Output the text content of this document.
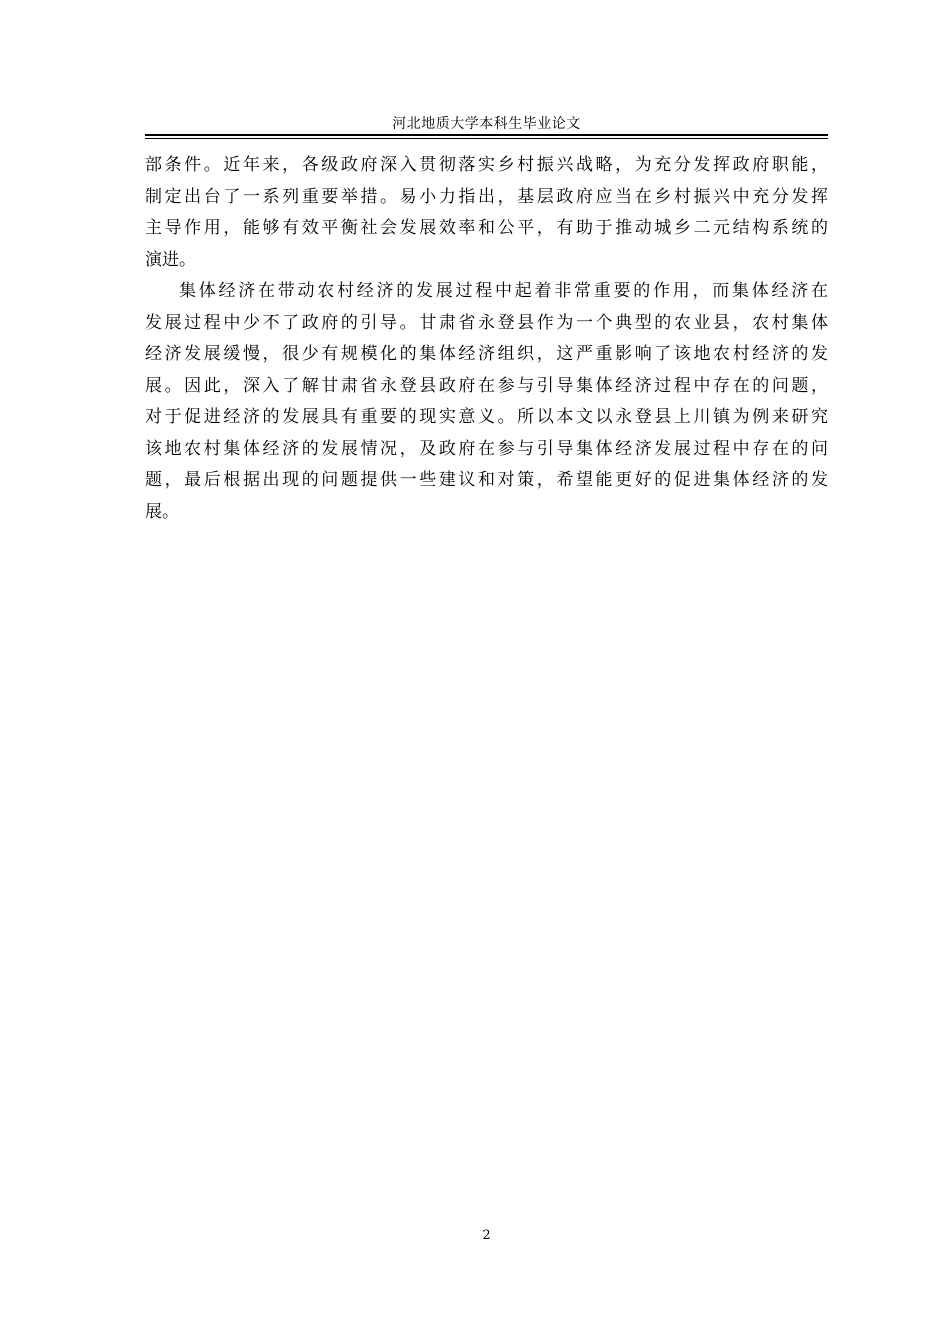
河北地质大学本科生毕业论文
部条件。近年来，各级政府深入贯彻落实乡村振兴战略，为充分发挥政府职能，
制定出台了一系列重要举措。易小力指出，基层政府应当在乡村振兴中充分发挥
主导作用，能够有效平衡社会发展效率和公平，有助于推动城乡二元结构系统的
演进。
集体经济在带动农村经济的发展过程中起着非常重要的作用，而集体经济在
发展过程中少不了政府的引导。甘肃省永登县作为一个典型的农业县，农村集体
经济发展缓慢，很少有规模化的集体经济组织，这严重影响了该地农村经济的发
展。因此，深入了解甘肃省永登县政府在参与引导集体经济过程中存在的问题，
对于促进经济的发展具有重要的现实意义。所以本文以永登县上川镇为例来研究
该地农村集体经济的发展情况，及政府在参与引导集体经济发展过程中存在的问
题，最后根据出现的问题提供一些建议和对策，希望能更好的促进集体经济的发
展。
2
